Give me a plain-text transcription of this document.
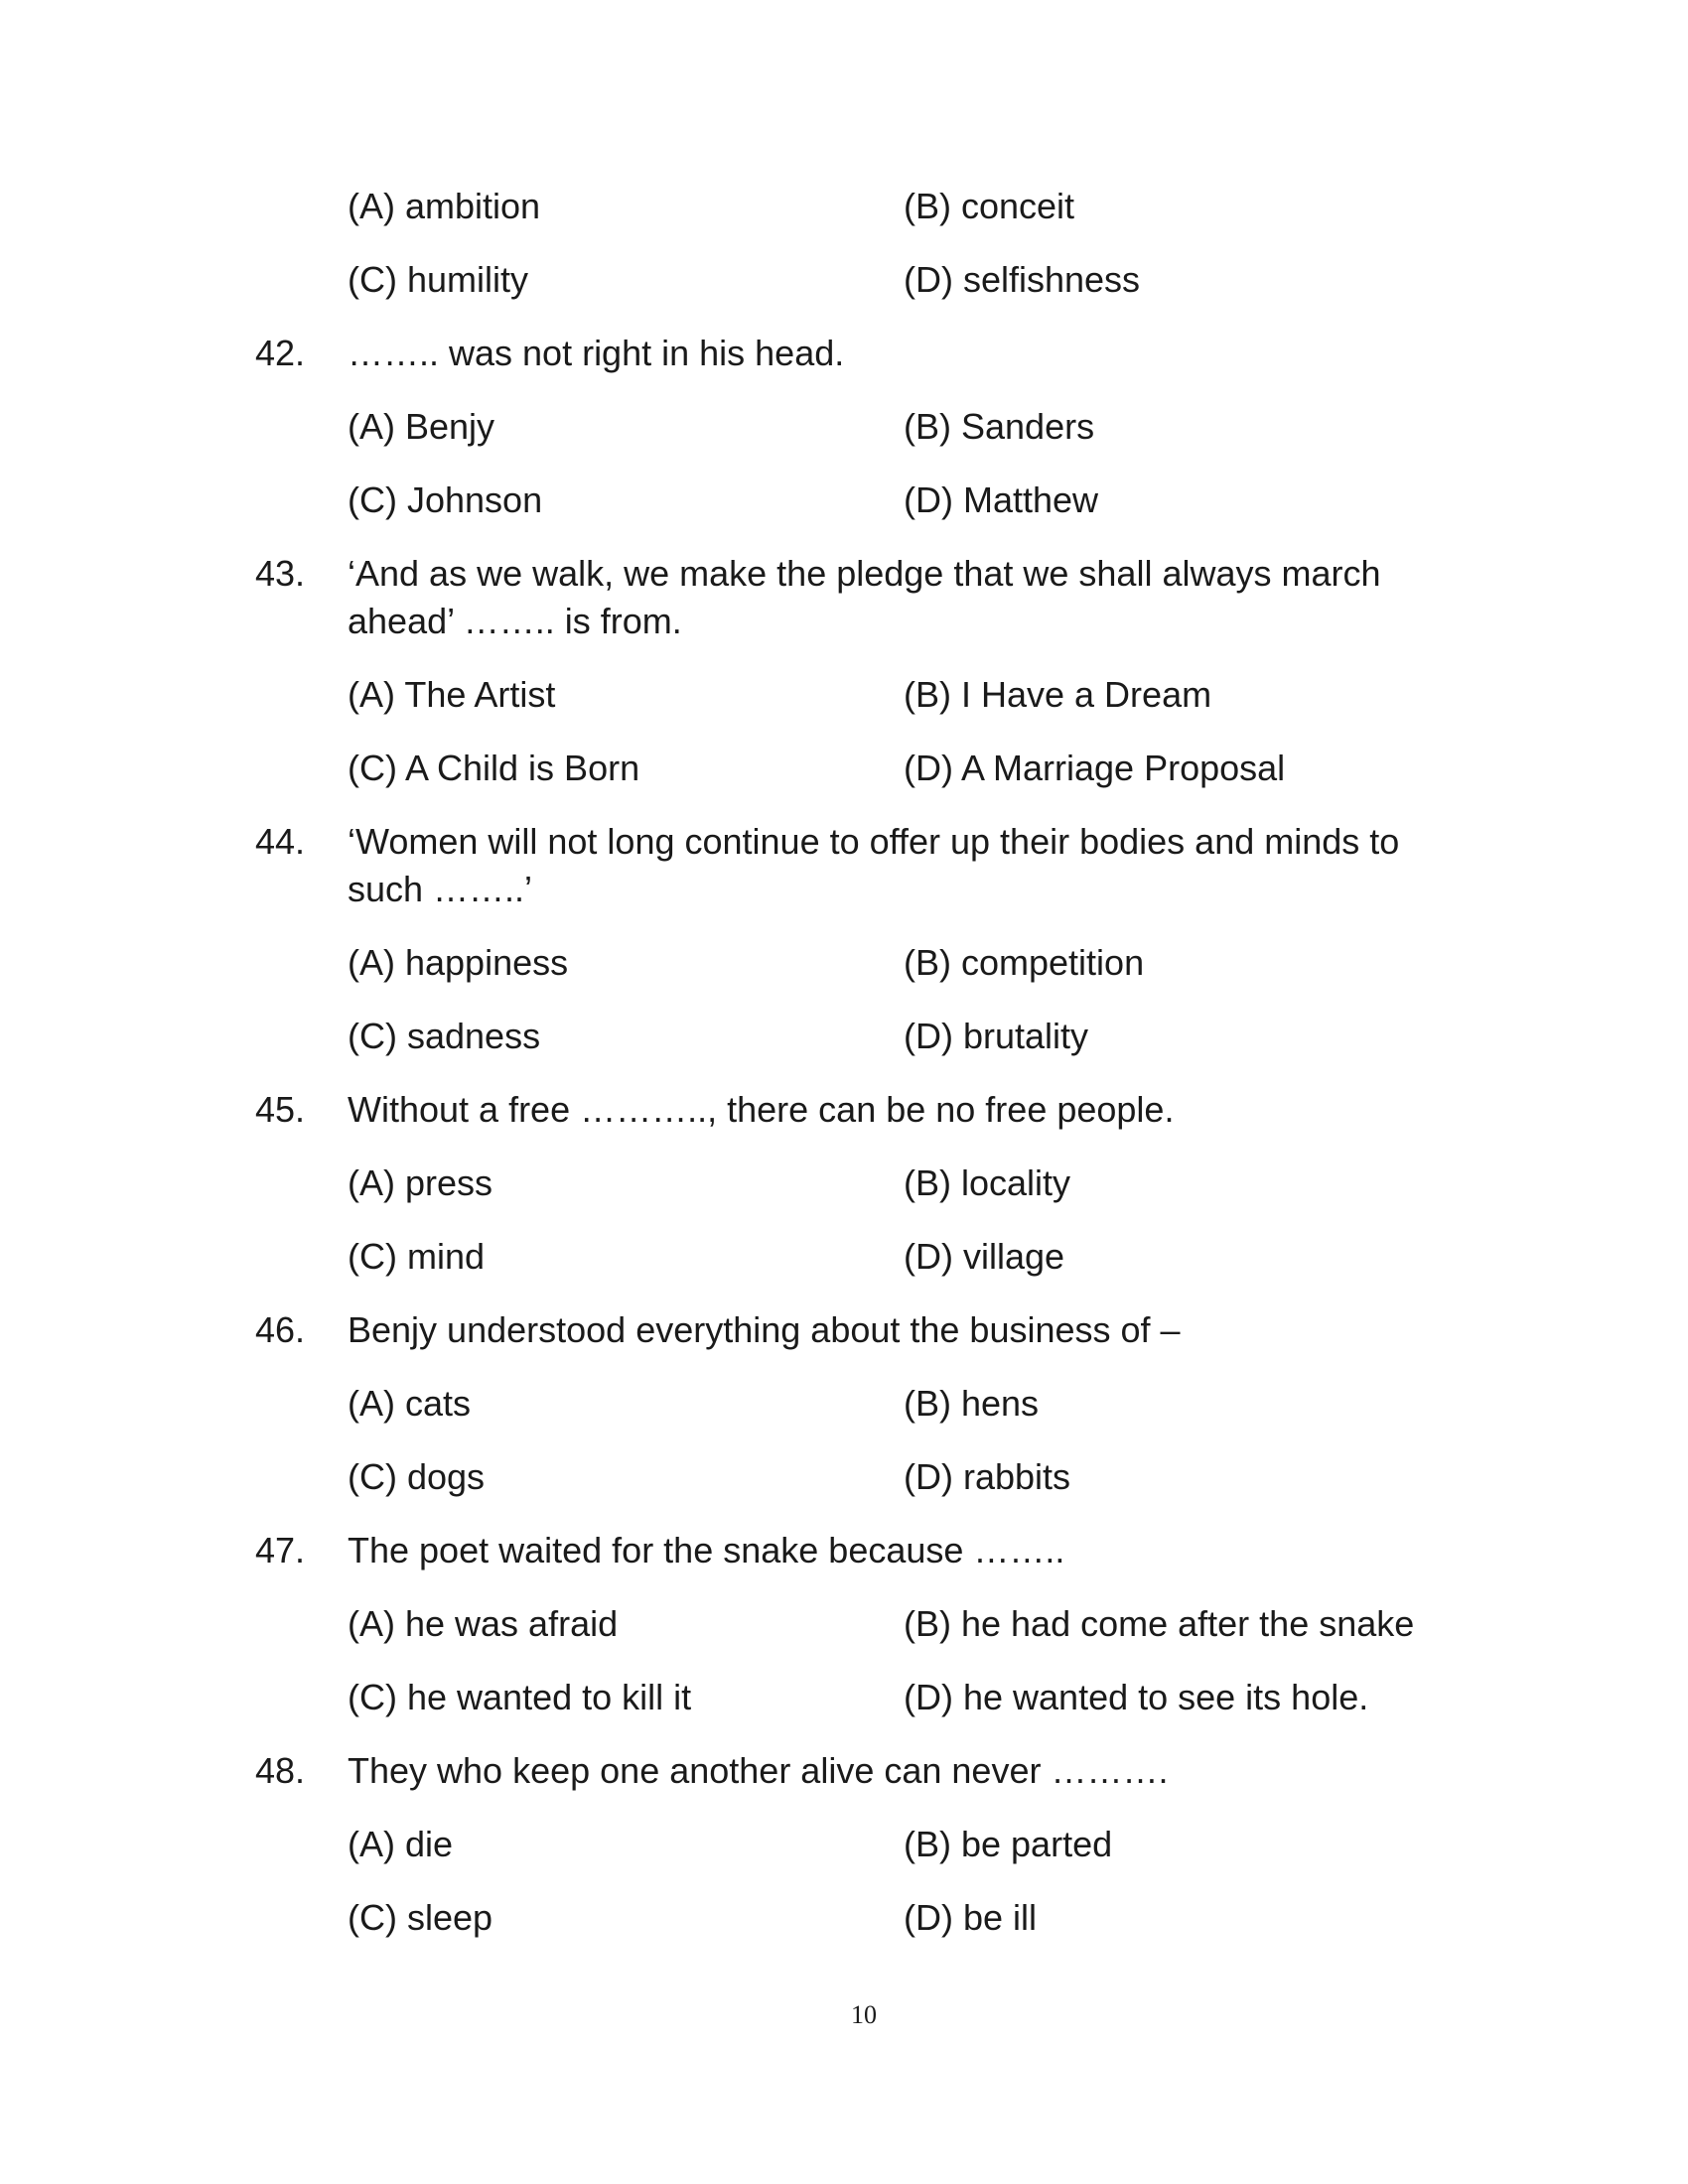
(A) ambition	(B) conceit
(C) humility	(D) selfishness
42. …….. was not right in his head.
(A) Benjy	(B) Sanders
(C) Johnson	(D) Matthew
43. ‘And as we walk, we make the pledge that we shall always march
ahead’ …….. is from.
(A) The Artist	(B) I Have a Dream
(C) A Child is Born	(D) A Marriage Proposal
44. ‘Women will not long continue to offer up their bodies and minds to
such ……..’
(A) happiness	(B) competition
(C) sadness	(D) brutality
45. Without a free ……….., there can be no free people.
(A) press	(B) locality
(C) mind	(D) village
46. Benjy understood everything about the business of –
(A) cats	(B) hens
(C) dogs	(D) rabbits
47. The poet waited for the snake because ……..
(A) he was afraid	(B) he had come after the snake
(C) he wanted to kill it	(D) he wanted to see its hole.
48. They who keep one another alive can never ……….
(A) die	(B) be parted
(C) sleep	(D) be ill
10
